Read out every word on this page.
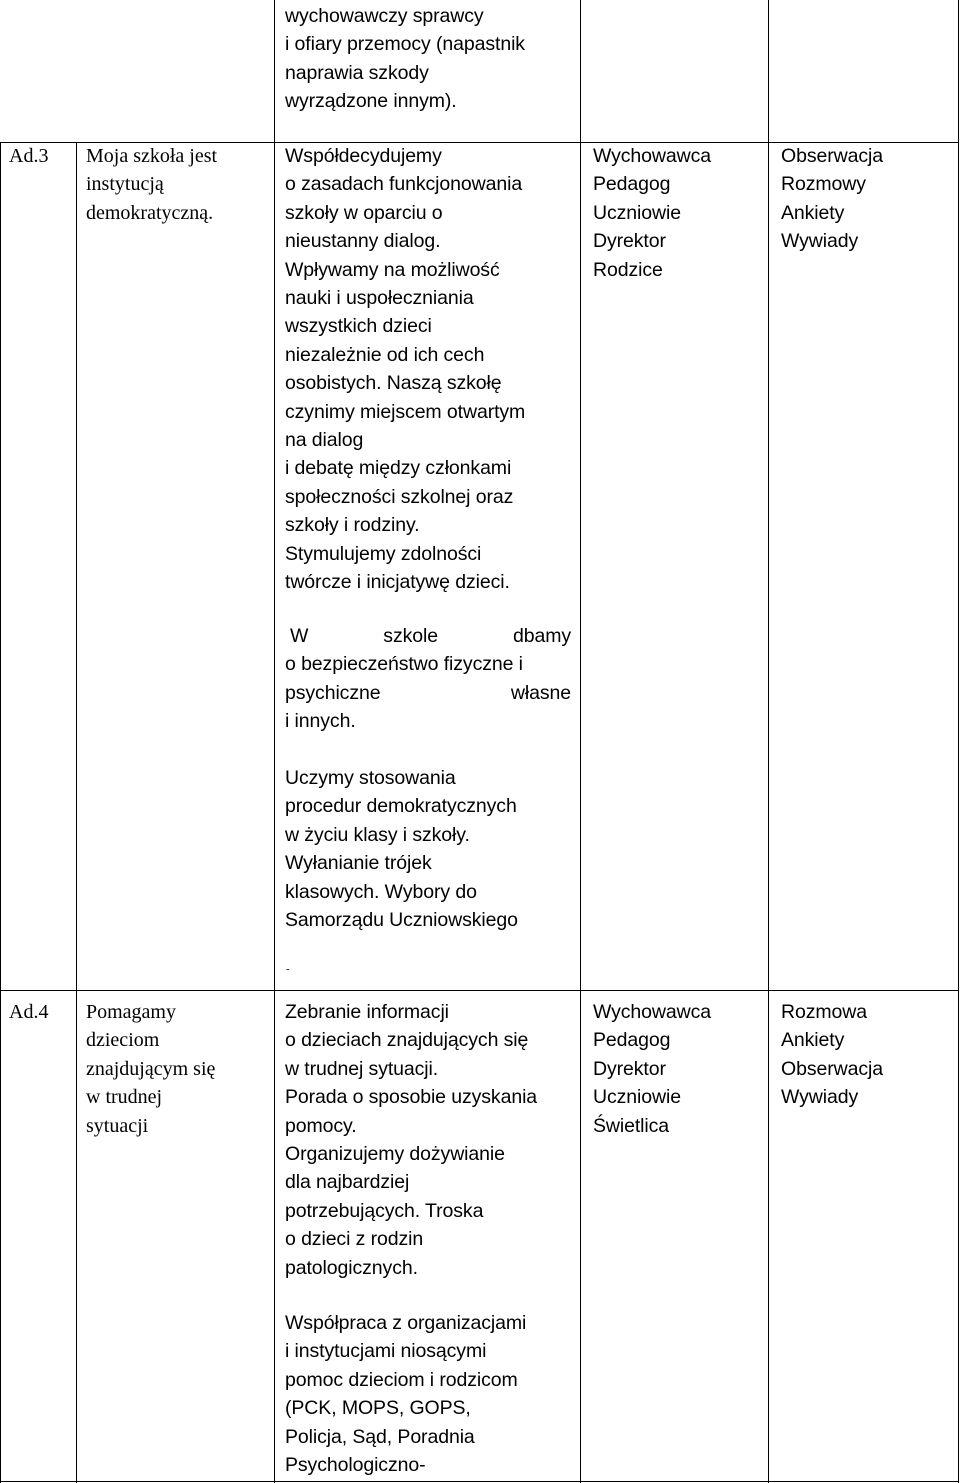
wychowawczy sprawcy

i ofiary przemocy (napastnik

naprawia szkody

wyrządzone innym).

Ad.3	Moja szkoła jest

instytucją

demokratyczną.

Współdecydujemy

o zasadach funkcjonowania

szkoły w oparciu o

nieustanny dialog.

Wpływamy na możliwość

nauki i uspołeczniania

wszystkich dzieci

niezależnie od ich cech

osobistych. Naszą szkołę

czynimy miejscem otwartym

na dialog

i debatę między członkami

społeczności szkolnej oraz

szkoły i rodziny.

Stymulujemy zdolności

twórcze i inicjatywę dzieci.

W szkole dbamy

o bezpieczeństwo fizyczne i

psychiczne własne

i innych.

Uczymy stosowania

procedur demokratycznych

w życiu klasy i szkoły.

Wyłanianie trójek

klasowych. Wybory do

Samorządu Uczniowskiego

-

Wychowawca

Pedagog

Uczniowie

Dyrektor

Rodzice

Obserwacja

Rozmowy

Ankiety

Wywiady

Ad.4	Pomagamy

dzieciom

znajdującym się

w trudnej

sytuacji

Zebranie informacji

o dzieciach znajdujących się

w trudnej sytuacji.

Porada o sposobie uzyskania

pomocy.

Organizujemy dożywianie

dla najbardziej

potrzebujących. Troska

o dzieci z rodzin

patologicznych.

Współpraca z organizacjami

i instytucjami niosącymi

pomoc dzieciom i rodzicom

(PCK, MOPS, GOPS,

Policja, Sąd, Poradnia

Psychologiczno-

Wychowawca

Pedagog

Dyrektor

Uczniowie

Świetlica

Rozmowa

Ankiety

Obserwacja

Wywiady
